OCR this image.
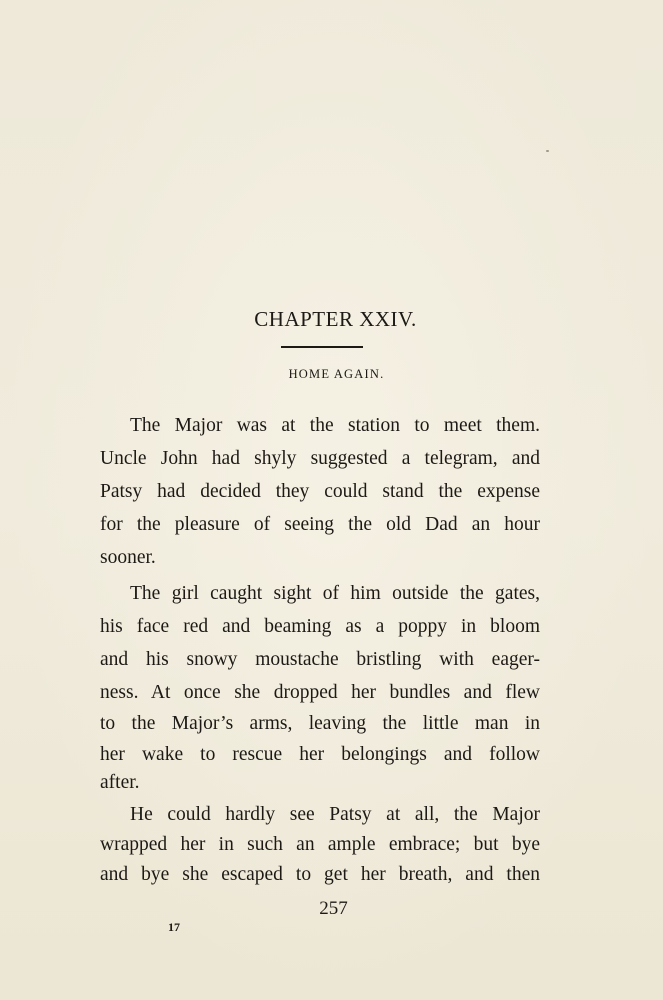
CHAPTER XXIV.
HOME AGAIN.
The Major was at the station to meet them.
Uncle John had shyly suggested a telegram, and
Patsy had decided they could stand the expense
for the pleasure of seeing the old Dad an hour
sooner.
The girl caught sight of him outside the gates,
his face red and beaming as a poppy in bloom
and his snowy moustache bristling with eager-
ness. At once she dropped her bundles and flew
to the Major’s arms, leaving the little man in
her wake to rescue her belongings and follow
after.
He could hardly see Patsy at all, the Major
wrapped her in such an ample embrace; but bye
and bye she escaped to get her breath, and then
257
17
